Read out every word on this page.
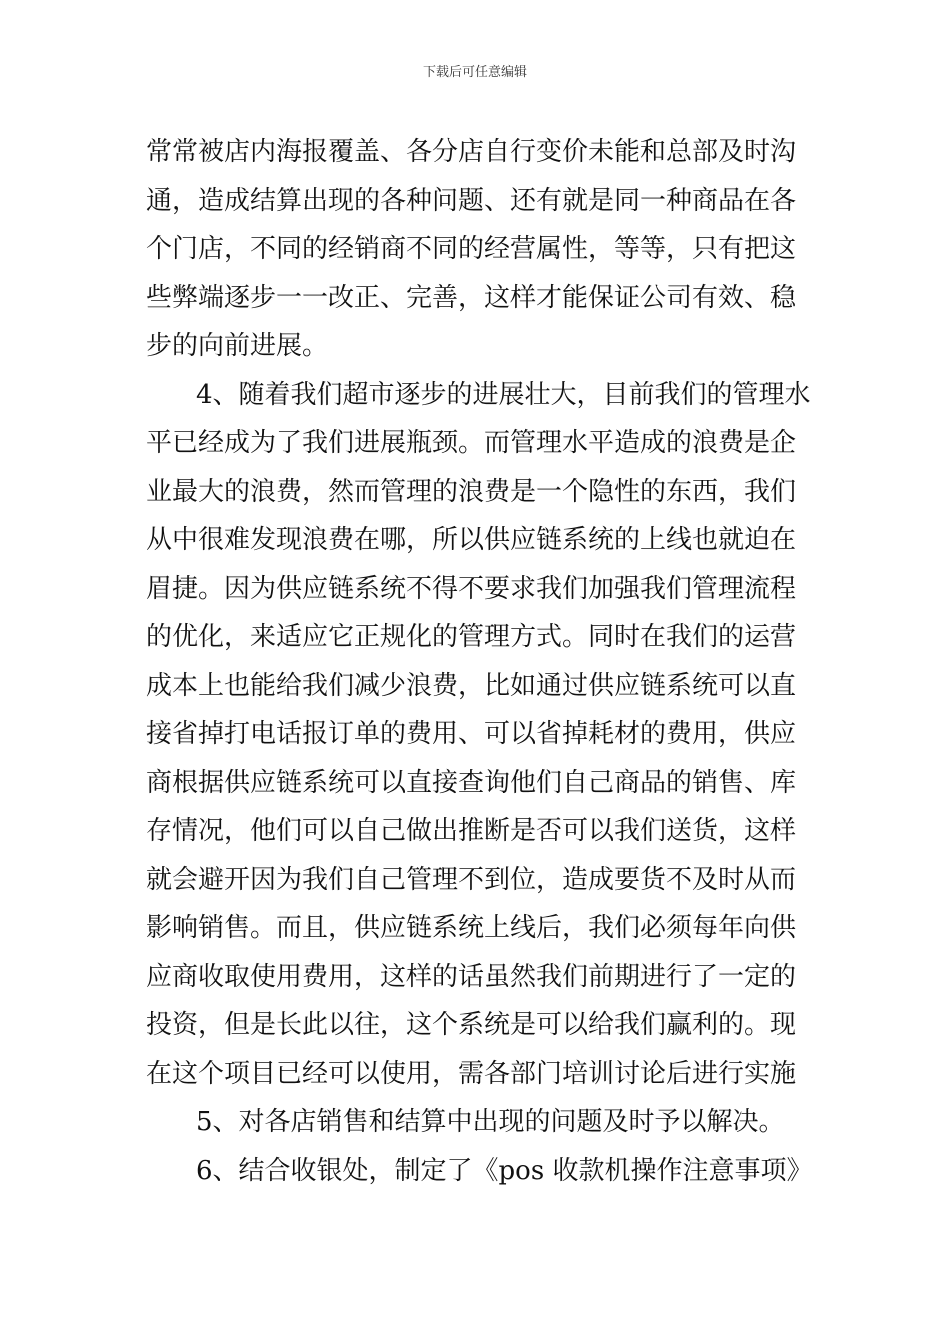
下载后可任意编辑
常常被店内海报覆盖、各分店自行变价未能和总部及时沟
通，造成结算出现的各种问题、还有就是同一种商品在各
个门店，不同的经销商不同的经营属性，等等，只有把这
些弊端逐步一一改正、完善，这样才能保证公司有效、稳
步的向前进展。
4、随着我们超市逐步的进展壮大，目前我们的管理水
平已经成为了我们进展瓶颈。而管理水平造成的浪费是企
业最大的浪费，然而管理的浪费是一个隐性的东西，我们
从中很难发现浪费在哪，所以供应链系统的上线也就迫在
眉捷。因为供应链系统不得不要求我们加强我们管理流程
的优化，来适应它正规化的管理方式。同时在我们的运营
成本上也能给我们减少浪费，比如通过供应链系统可以直
接省掉打电话报订单的费用、可以省掉耗材的费用，供应
商根据供应链系统可以直接查询他们自己商品的销售、库
存情况，他们可以自己做出推断是否可以我们送货，这样
就会避开因为我们自己管理不到位，造成要货不及时从而
影响销售。而且，供应链系统上线后，我们必须每年向供
应商收取使用费用，这样的话虽然我们前期进行了一定的
投资，但是长此以往，这个系统是可以给我们赢利的。现
在这个项目已经可以使用，需各部门培训讨论后进行实施
5、对各店销售和结算中出现的问题及时予以解决。
6、结合收银处，制定了《pos 收款机操作注意事项》
